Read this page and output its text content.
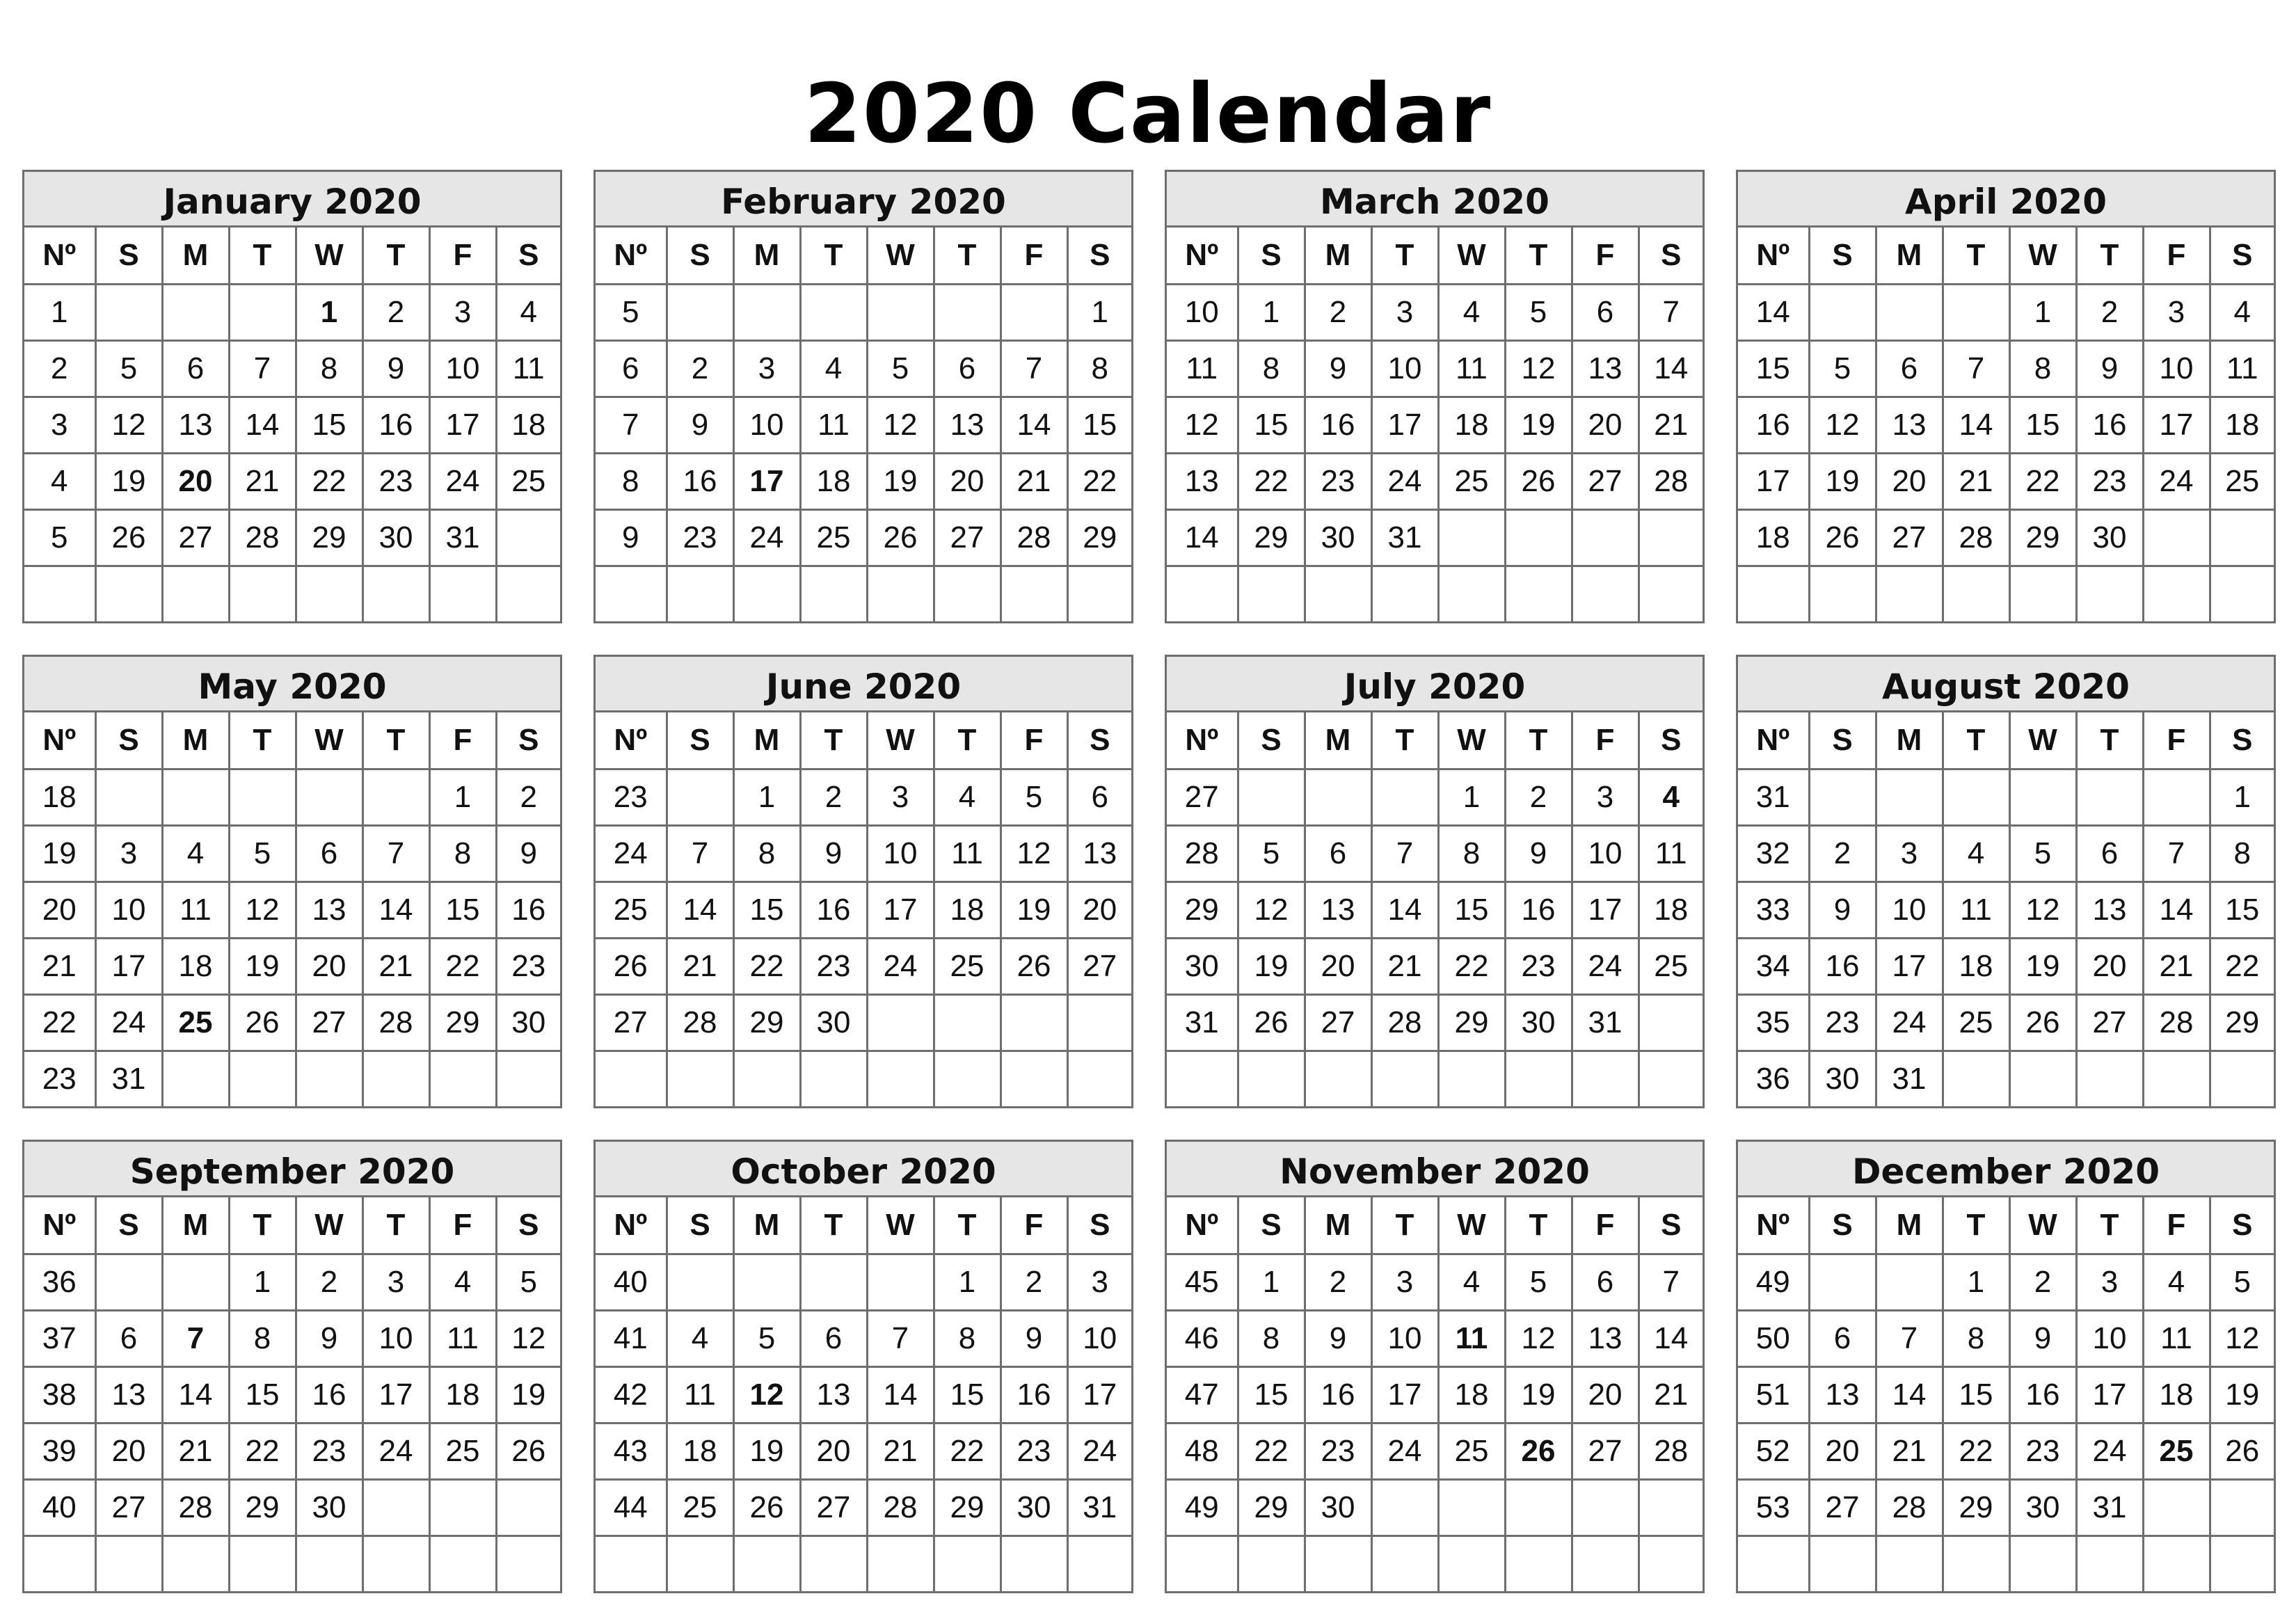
2020 Calendar
January 2020
Nº	S	M	T	W	T	F	S
1				1	2	3	4
2	5	6	7	8	9	10	11
3	12	13	14	15	16	17	18
4	19	20	21	22	23	24	25
5	26	27	28	29	30	31	

February 2020
Nº	S	M	T	W	T	F	S
5							1
6	2	3	4	5	6	7	8
7	9	10	11	12	13	14	15
8	16	17	18	19	20	21	22
9	23	24	25	26	27	28	29

March 2020
Nº	S	M	T	W	T	F	S
10	1	2	3	4	5	6	7
11	8	9	10	11	12	13	14
12	15	16	17	18	19	20	21
13	22	23	24	25	26	27	28
14	29	30	31				

April 2020
Nº	S	M	T	W	T	F	S
14				1	2	3	4
15	5	6	7	8	9	10	11
16	12	13	14	15	16	17	18
17	19	20	21	22	23	24	25
18	26	27	28	29	30		

May 2020
Nº	S	M	T	W	T	F	S
18						1	2
19	3	4	5	6	7	8	9
20	10	11	12	13	14	15	16
21	17	18	19	20	21	22	23
22	24	25	26	27	28	29	30
23	31						
June 2020
Nº	S	M	T	W	T	F	S
23		1	2	3	4	5	6
24	7	8	9	10	11	12	13
25	14	15	16	17	18	19	20
26	21	22	23	24	25	26	27
27	28	29	30				

July 2020
Nº	S	M	T	W	T	F	S
27				1	2	3	4
28	5	6	7	8	9	10	11
29	12	13	14	15	16	17	18
30	19	20	21	22	23	24	25
31	26	27	28	29	30	31	

August 2020
Nº	S	M	T	W	T	F	S
31							1
32	2	3	4	5	6	7	8
33	9	10	11	12	13	14	15
34	16	17	18	19	20	21	22
35	23	24	25	26	27	28	29
36	30	31					
September 2020
Nº	S	M	T	W	T	F	S
36			1	2	3	4	5
37	6	7	8	9	10	11	12
38	13	14	15	16	17	18	19
39	20	21	22	23	24	25	26
40	27	28	29	30			

October 2020
Nº	S	M	T	W	T	F	S
40					1	2	3
41	4	5	6	7	8	9	10
42	11	12	13	14	15	16	17
43	18	19	20	21	22	23	24
44	25	26	27	28	29	30	31

November 2020
Nº	S	M	T	W	T	F	S
45	1	2	3	4	5	6	7
46	8	9	10	11	12	13	14
47	15	16	17	18	19	20	21
48	22	23	24	25	26	27	28
49	29	30					

December 2020
Nº	S	M	T	W	T	F	S
49			1	2	3	4	5
50	6	7	8	9	10	11	12
51	13	14	15	16	17	18	19
52	20	21	22	23	24	25	26
53	27	28	29	30	31		
